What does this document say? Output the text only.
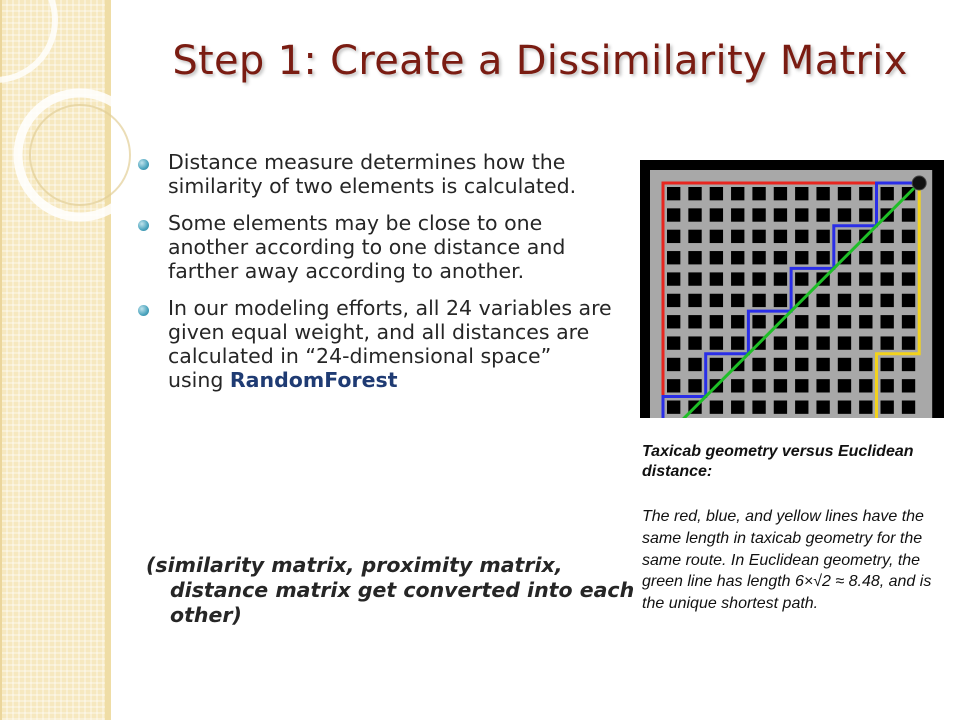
Step 1: Create a Dissimilarity Matrix
Distance measure determines how the similarity of two elements is calculated.
Some elements may be close to one another according to one distance and farther away according to another.
In our modeling efforts, all 24 variables are given equal weight, and all distances are calculated in “24-dimensional space” using RandomForest

(similarity matrix, proximity matrix, distance matrix get converted into each other)

Taxicab geometry versus Euclidean distance:

The red, blue, and yellow lines have the same length in taxicab geometry for the same route. In Euclidean geometry, the green line has length 6×√2 ≈ 8.48, and is the unique shortest path.
